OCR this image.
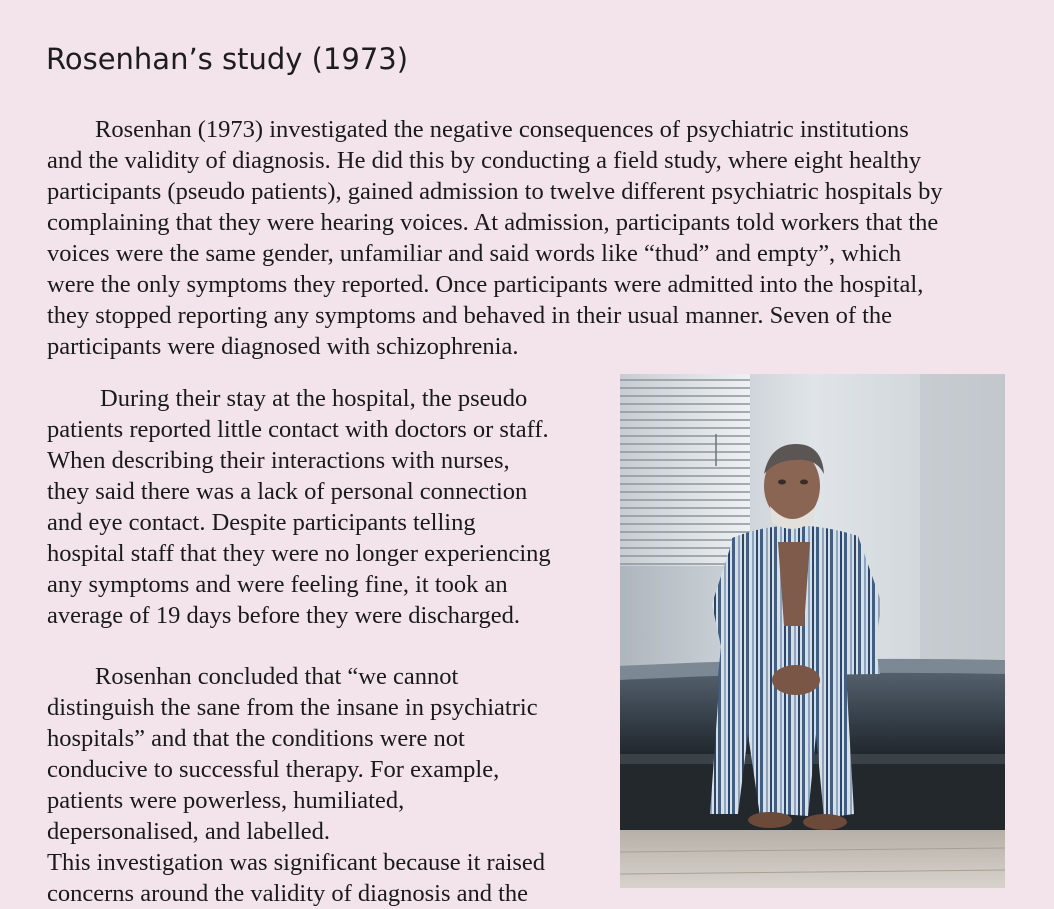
Rosenhan’s study (1973)
Rosenhan (1973) investigated the negative consequences of psychiatric institutions
and the validity of diagnosis. He did this by conducting a field study, where eight healthy
participants (pseudo patients), gained admission to twelve different psychiatric hospitals by
complaining that they were hearing voices. At admission, participants told workers that the
voices were the same gender, unfamiliar and said words like “thud” and empty”, which
were the only symptoms they reported. Once participants were admitted into the hospital,
they stopped reporting any symptoms and behaved in their usual manner. Seven of the
participants were diagnosed with schizophrenia.
During their stay at the hospital, the pseudo
patients reported little contact with doctors or staff.
When describing their interactions with nurses,
they said there was a lack of personal connection
and eye contact. Despite participants telling
hospital staff that they were no longer experiencing
any symptoms and were feeling fine, it took an
average of 19 days before they were discharged.
Rosenhan concluded that “we cannot
distinguish the sane from the insane in psychiatric
hospitals” and that the conditions were not
conducive to successful therapy. For example,
patients were powerless, humiliated,
depersonalised, and labelled.
This investigation was significant because it raised
concerns around the validity of diagnosis and the
